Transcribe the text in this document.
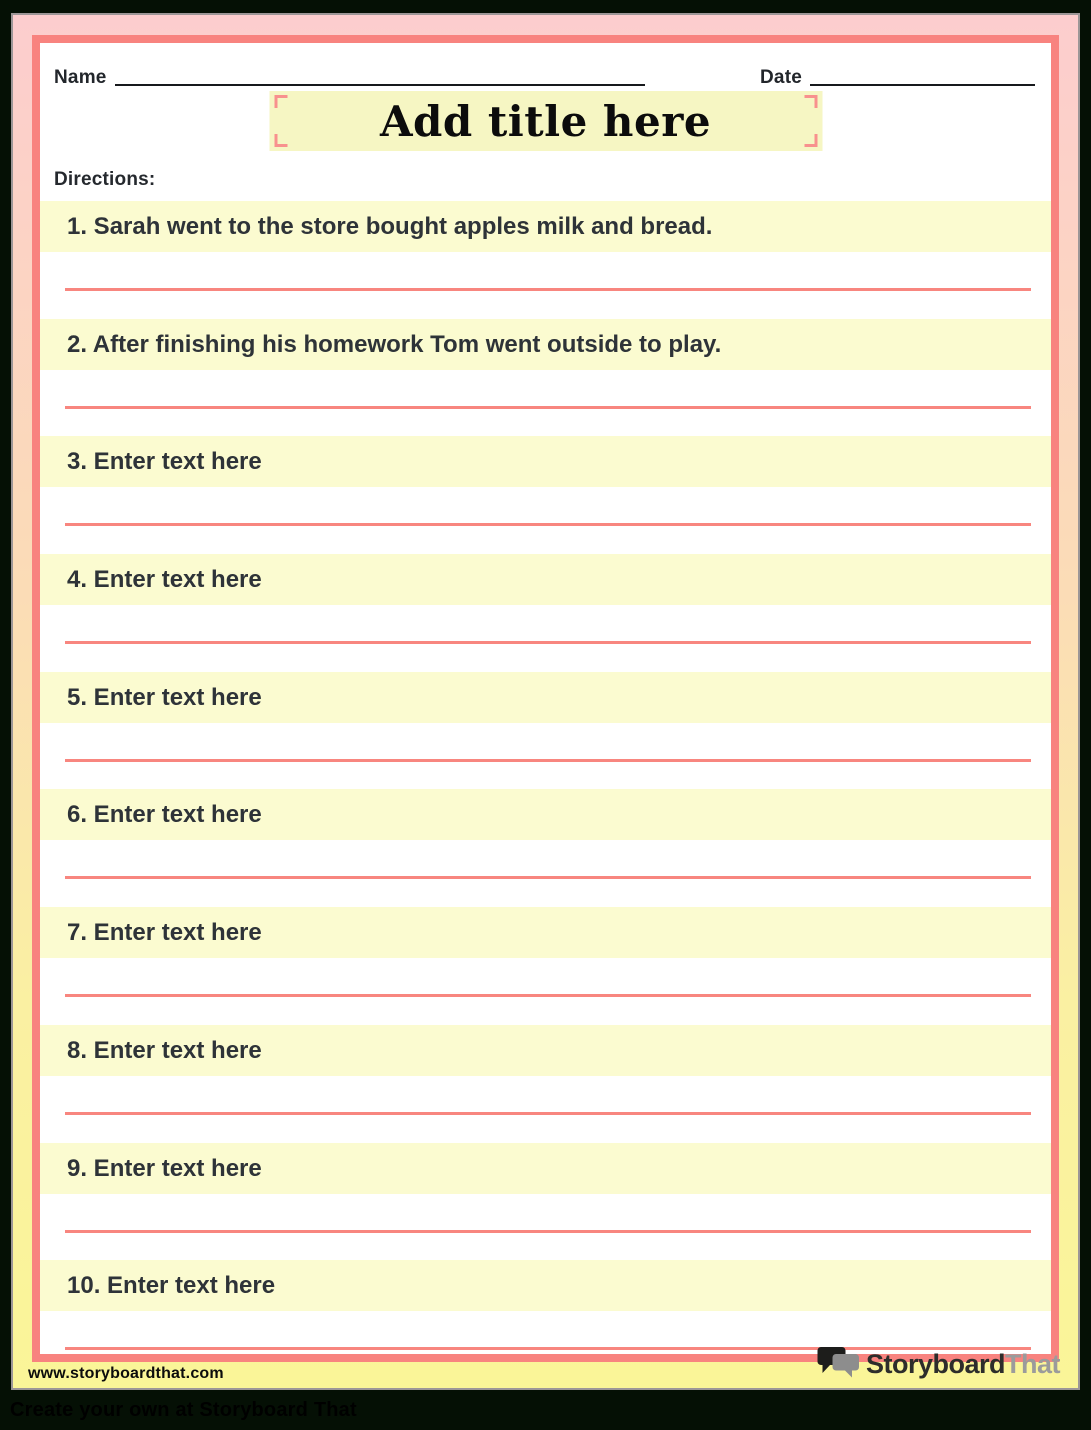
Name	Date
Add title here
Directions:
1. Sarah went to the store bought apples milk and bread.
2. After finishing his homework Tom went outside to play.
3. Enter text here
4. Enter text here
5. Enter text here
6. Enter text here
7. Enter text here
8. Enter text here
9. Enter text here
10. Enter text here
www.storyboardthat.com	StoryboardThat
Create your own at Storyboard That
